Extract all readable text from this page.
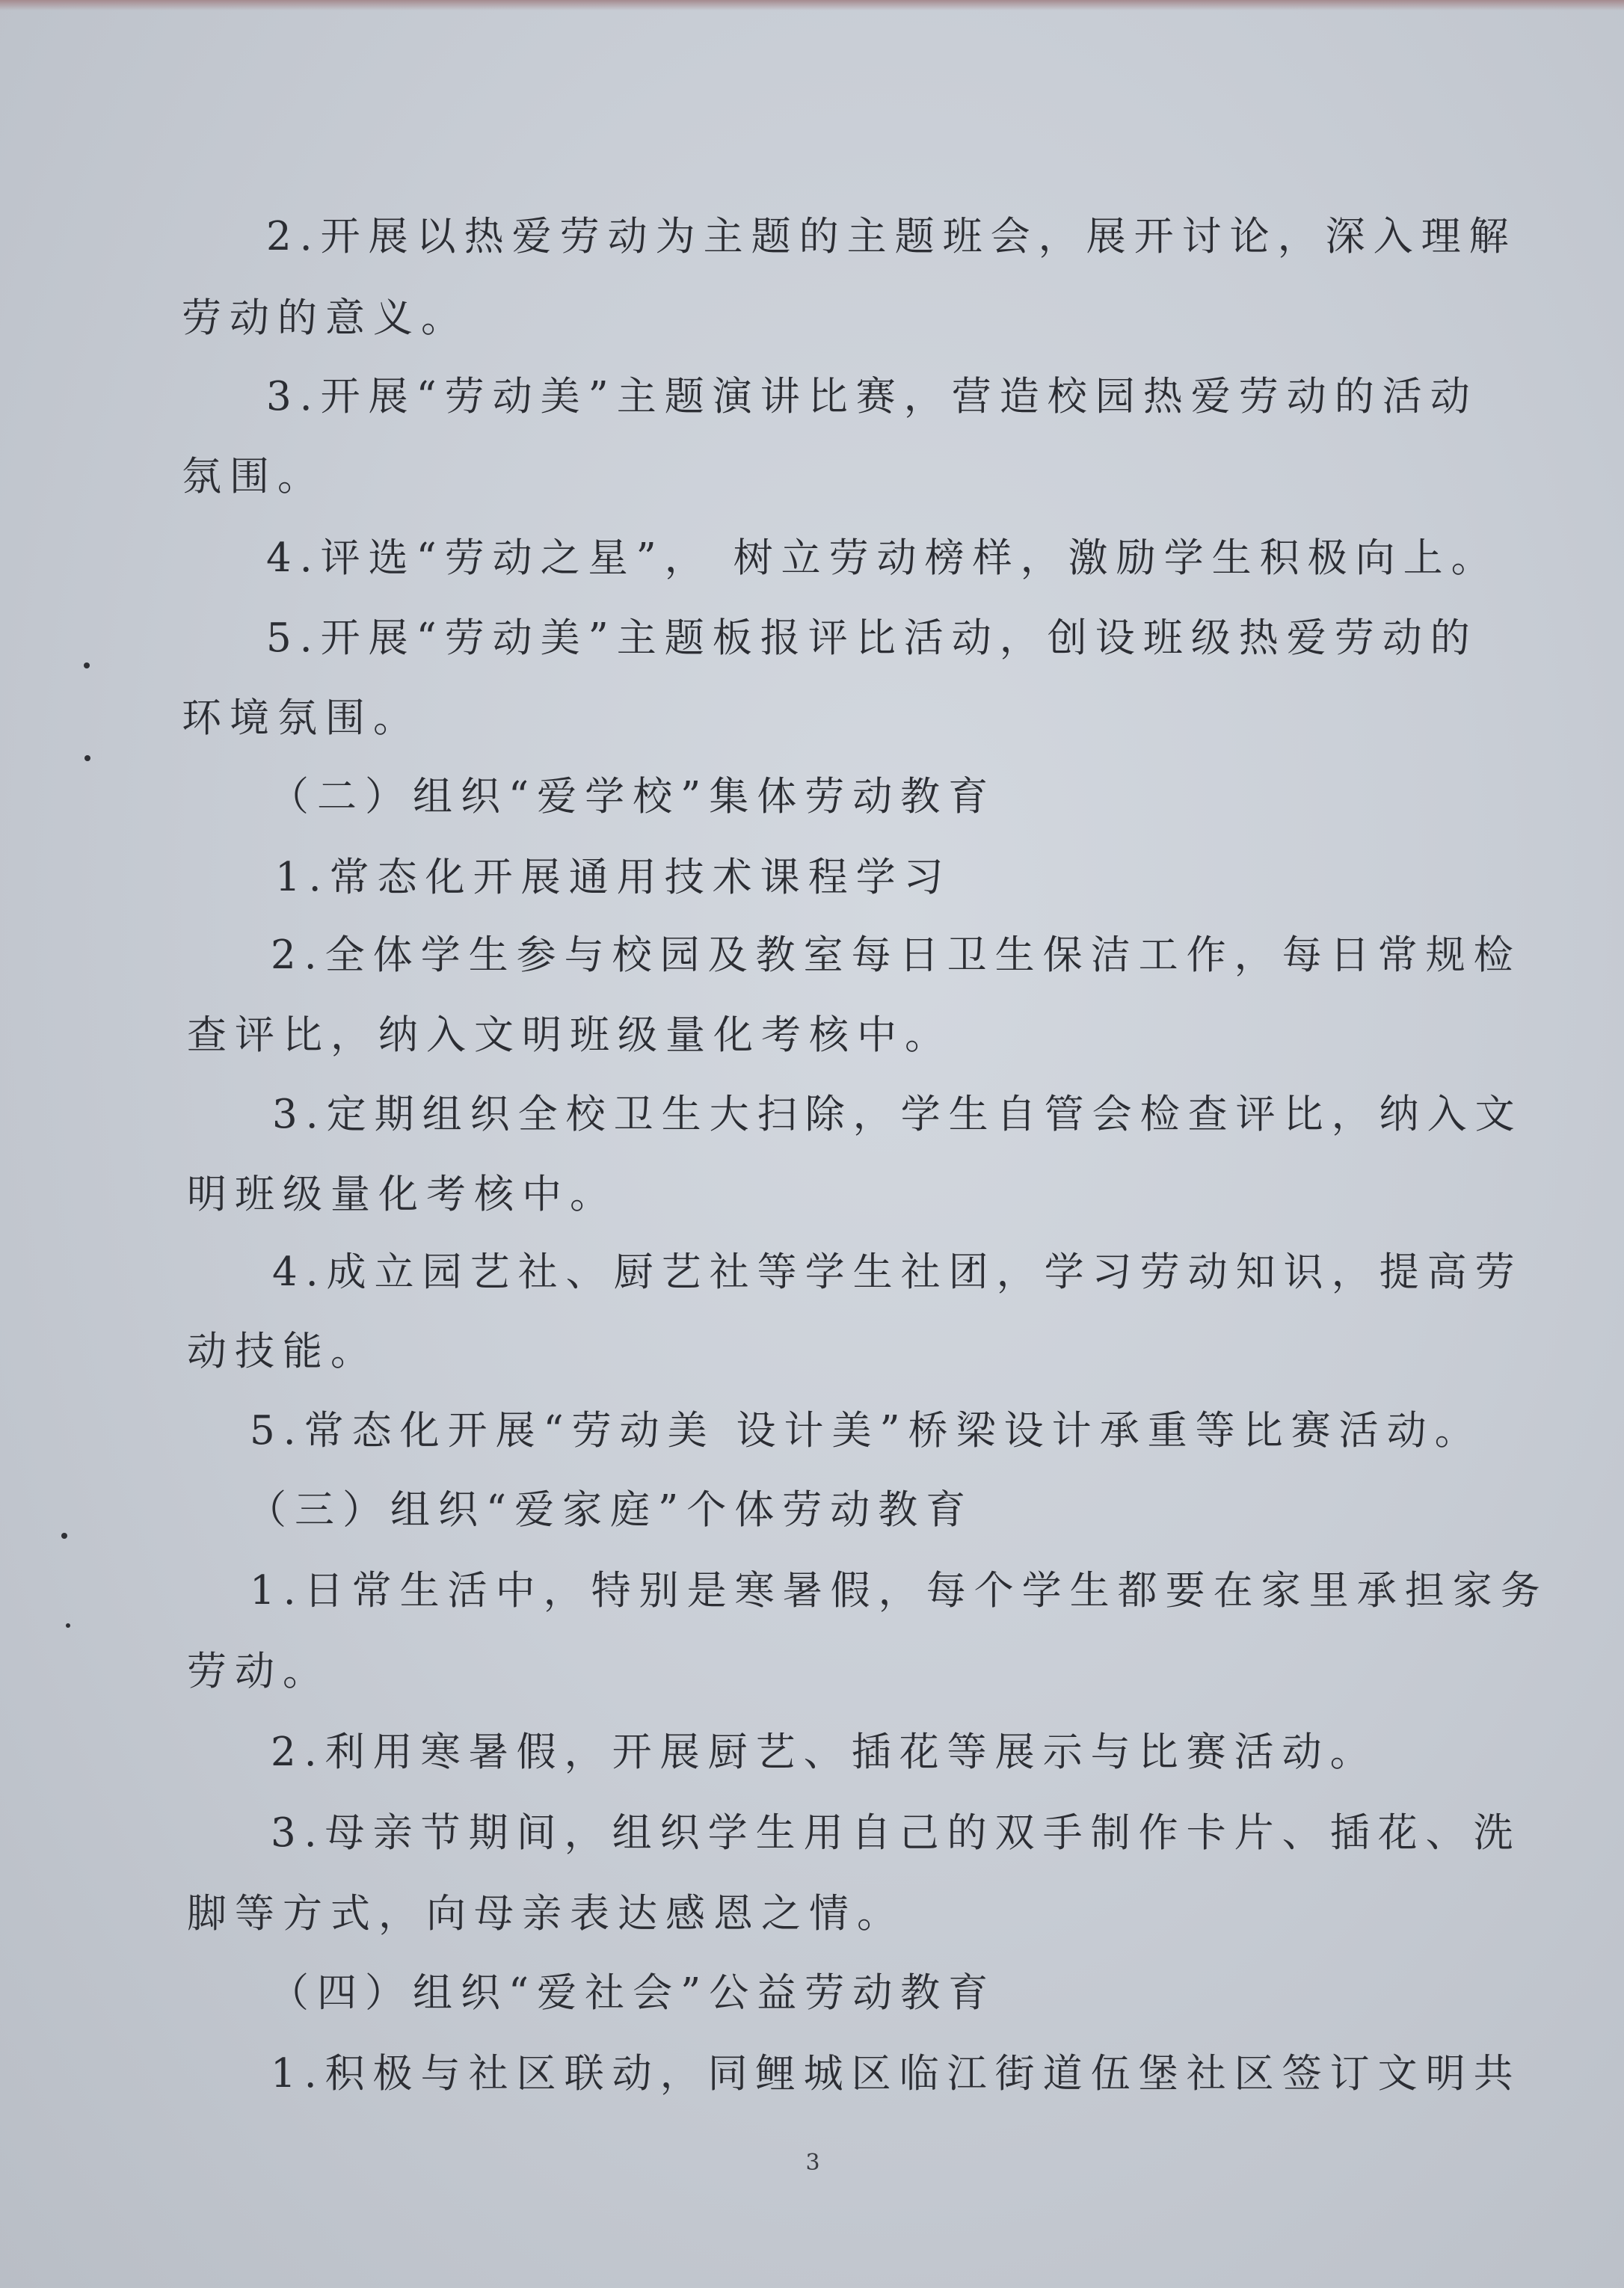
2.开展以热爱劳动为主题的主题班会，展开讨论，深入理解
劳动的意义。
3.开展“劳动美”主题演讲比赛，营造校园热爱劳动的活动
氛围。
4.评选“劳动之星”， 树立劳动榜样，激励学生积极向上。
5.开展“劳动美”主题板报评比活动，创设班级热爱劳动的
环境氛围。
（二）组织“爱学校”集体劳动教育
1.常态化开展通用技术课程学习
2.全体学生参与校园及教室每日卫生保洁工作，每日常规检
查评比，纳入文明班级量化考核中。
3.定期组织全校卫生大扫除，学生自管会检查评比，纳入文
明班级量化考核中。
4.成立园艺社、厨艺社等学生社团，学习劳动知识，提高劳
动技能。
5.常态化开展“劳动美 设计美”桥梁设计承重等比赛活动。
（三）组织“爱家庭”个体劳动教育
1.日常生活中，特别是寒暑假，每个学生都要在家里承担家务
劳动。
2.利用寒暑假，开展厨艺、插花等展示与比赛活动。
3.母亲节期间，组织学生用自己的双手制作卡片、插花、洗
脚等方式，向母亲表达感恩之情。
（四）组织“爱社会”公益劳动教育
1.积极与社区联动，同鲤城区临江街道伍堡社区签订文明共
3
